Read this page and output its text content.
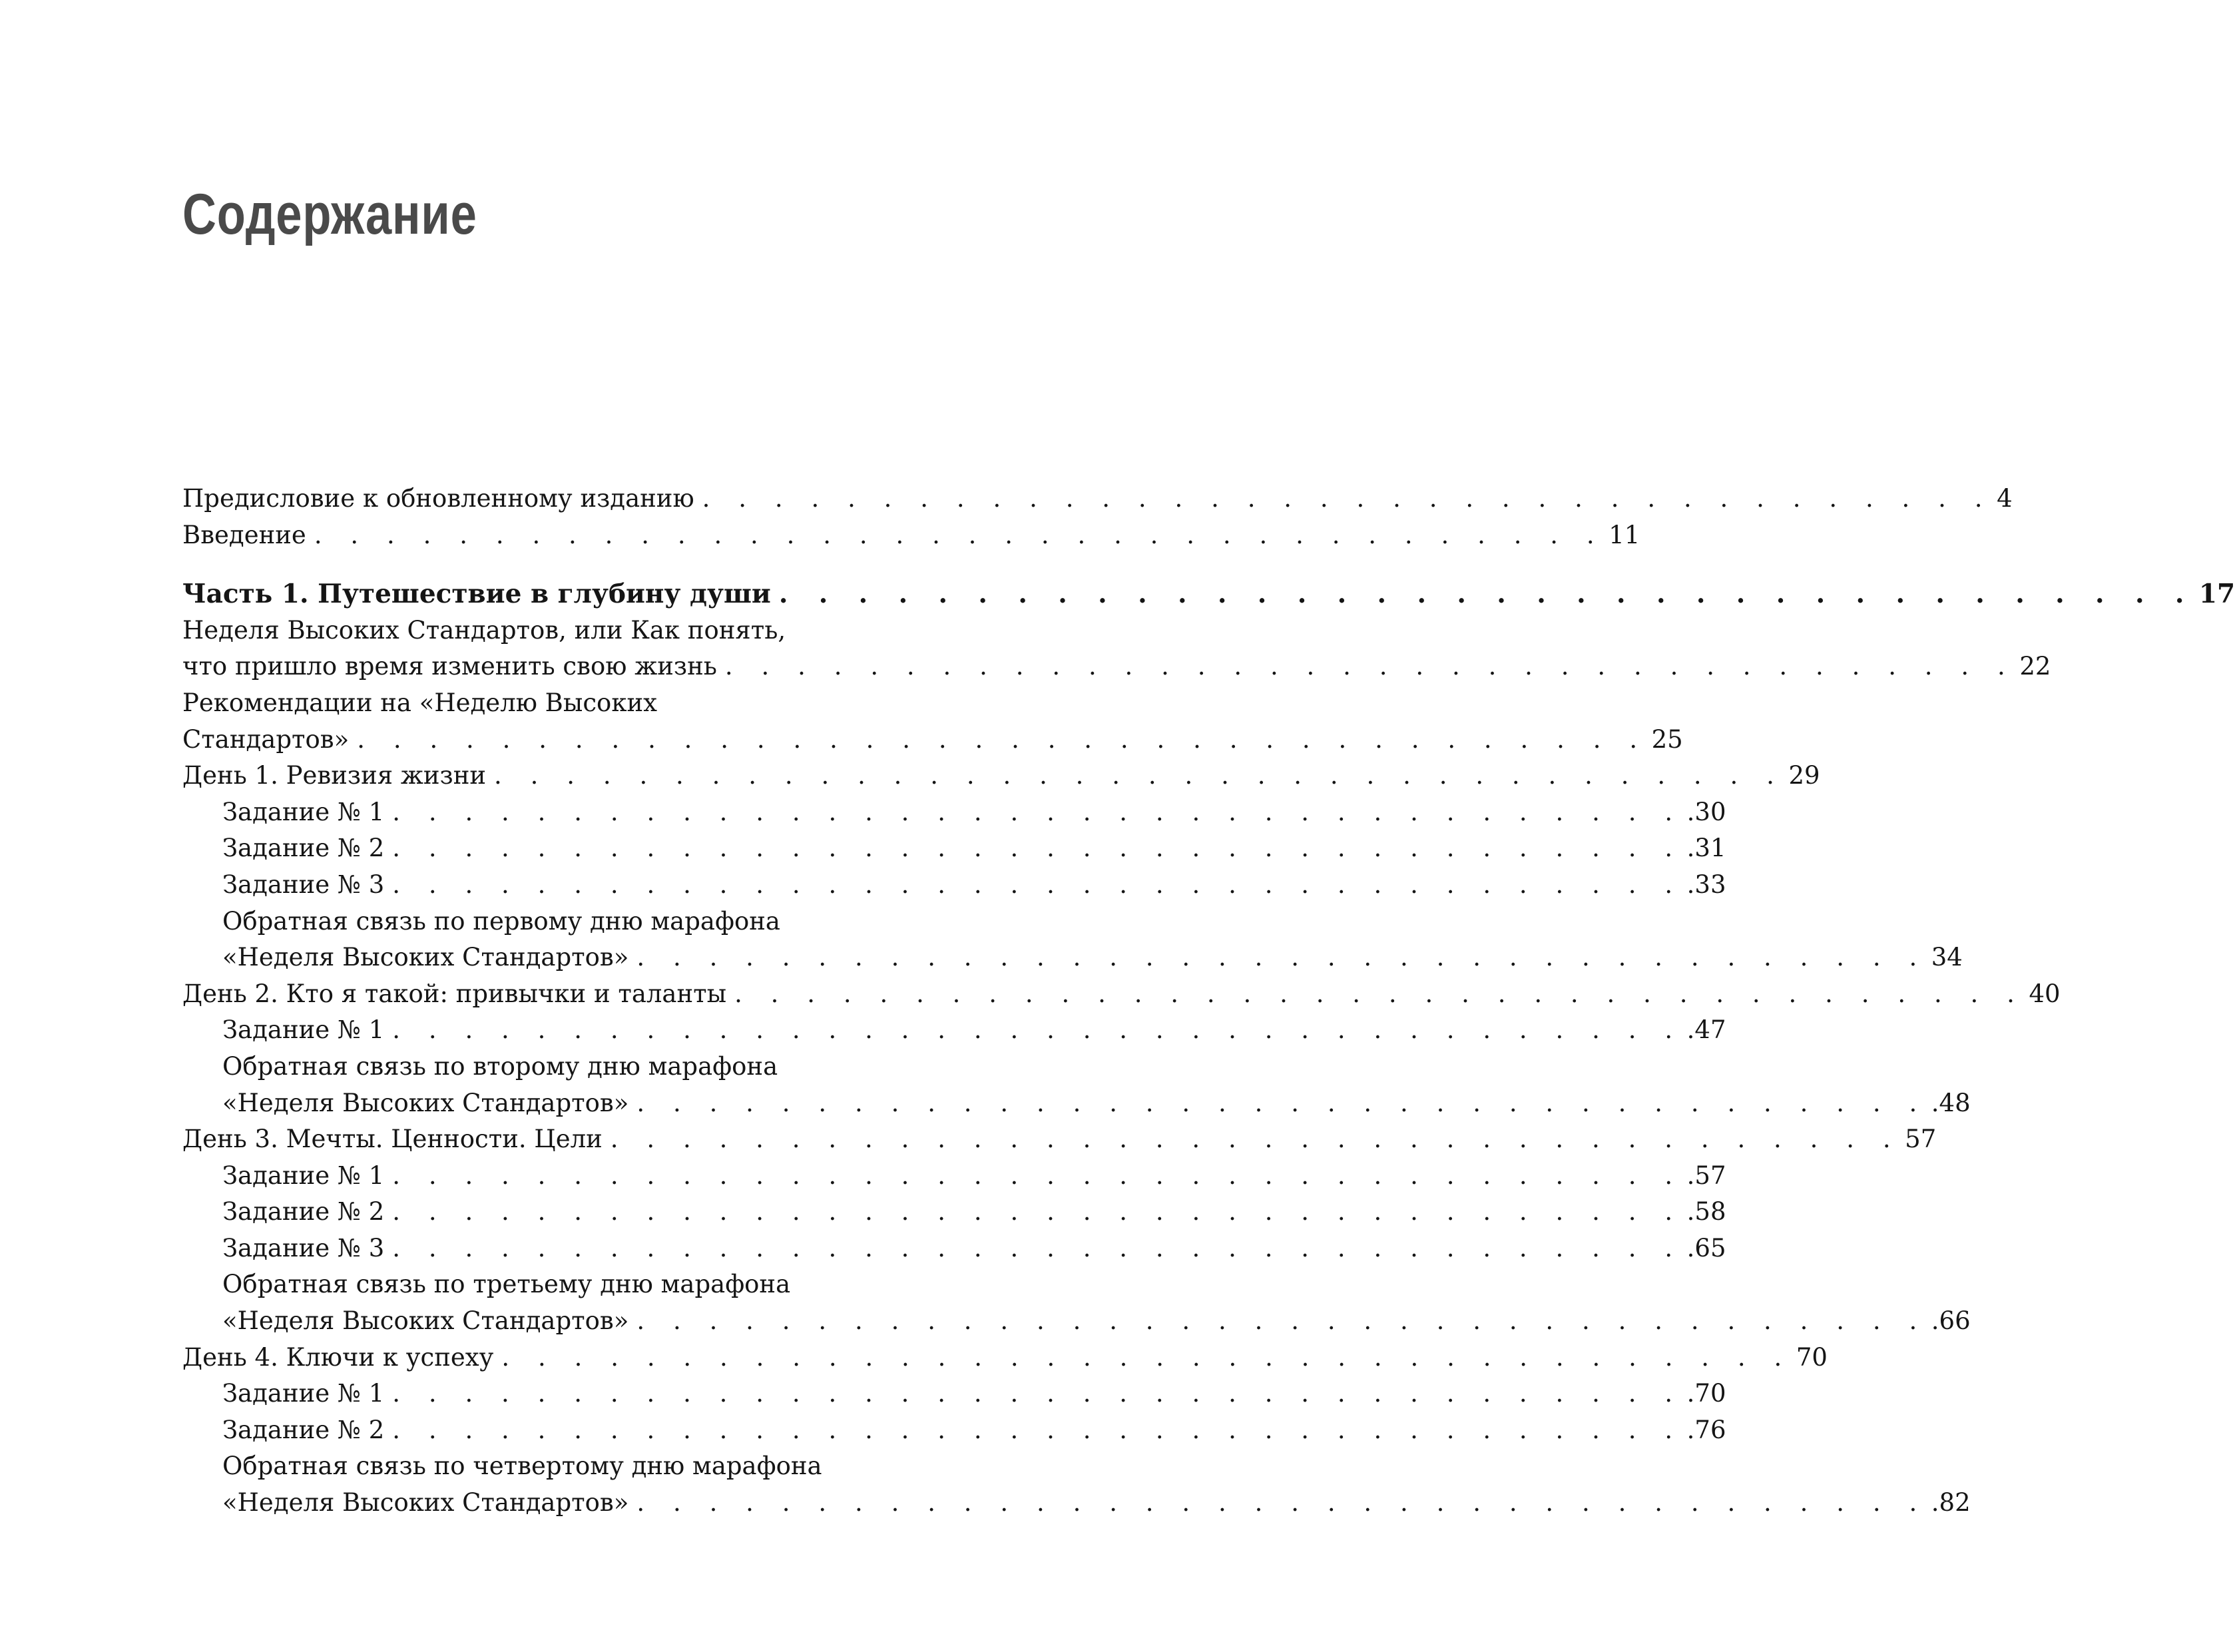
Содержание
Предисловие к обновленному изданию . . . . . . . . . . . . . . . . . . . . . . . . . . . . . . . . . . . . 4
Введение . . . . . . . . . . . . . . . . . . . . . . . . . . . . . . . . . . . . 11
Часть 1. Путешествие в глубину души . . . . . . . . . . . . . . . . . . . . . . . . . . . . . . . . . . . . 17
Неделя Высоких Стандартов, или Как понять,
что пришло время изменить свою жизнь . . . . . . . . . . . . . . . . . . . . . . . . . . . . . . . . . . . . 22
Рекомендации на «Неделю Высоких
Стандартов» . . . . . . . . . . . . . . . . . . . . . . . . . . . . . . . . . . . . 25
День 1. Ревизия жизни . . . . . . . . . . . . . . . . . . . . . . . . . . . . . . . . . . . . 29
Задание № 1 . . . . . . . . . . . . . . . . . . . . . . . . . . . . . . . . . . . . .30
Задание № 2 . . . . . . . . . . . . . . . . . . . . . . . . . . . . . . . . . . . . .31
Задание № 3 . . . . . . . . . . . . . . . . . . . . . . . . . . . . . . . . . . . . .33
Обратная связь по первому дню марафона
«Неделя Высоких Стандартов» . . . . . . . . . . . . . . . . . . . . . . . . . . . . . . . . . . . . 34
День 2. Кто я такой: привычки и таланты . . . . . . . . . . . . . . . . . . . . . . . . . . . . . . . . . . . . 40
Задание № 1 . . . . . . . . . . . . . . . . . . . . . . . . . . . . . . . . . . . . .47
Обратная связь по второму дню марафона
«Неделя Высоких Стандартов» . . . . . . . . . . . . . . . . . . . . . . . . . . . . . . . . . . . . .48
День 3. Мечты. Ценности. Цели . . . . . . . . . . . . . . . . . . . . . . . . . . . . . . . . . . . . 57
Задание № 1 . . . . . . . . . . . . . . . . . . . . . . . . . . . . . . . . . . . . .57
Задание № 2 . . . . . . . . . . . . . . . . . . . . . . . . . . . . . . . . . . . . .58
Задание № 3 . . . . . . . . . . . . . . . . . . . . . . . . . . . . . . . . . . . . .65
Обратная связь по третьему дню марафона
«Неделя Высоких Стандартов» . . . . . . . . . . . . . . . . . . . . . . . . . . . . . . . . . . . . .66
День 4. Ключи к успеху . . . . . . . . . . . . . . . . . . . . . . . . . . . . . . . . . . . . 70
Задание № 1 . . . . . . . . . . . . . . . . . . . . . . . . . . . . . . . . . . . . .70
Задание № 2 . . . . . . . . . . . . . . . . . . . . . . . . . . . . . . . . . . . . .76
Обратная связь по четвертому дню марафона
«Неделя Высоких Стандартов» . . . . . . . . . . . . . . . . . . . . . . . . . . . . . . . . . . . . .82
